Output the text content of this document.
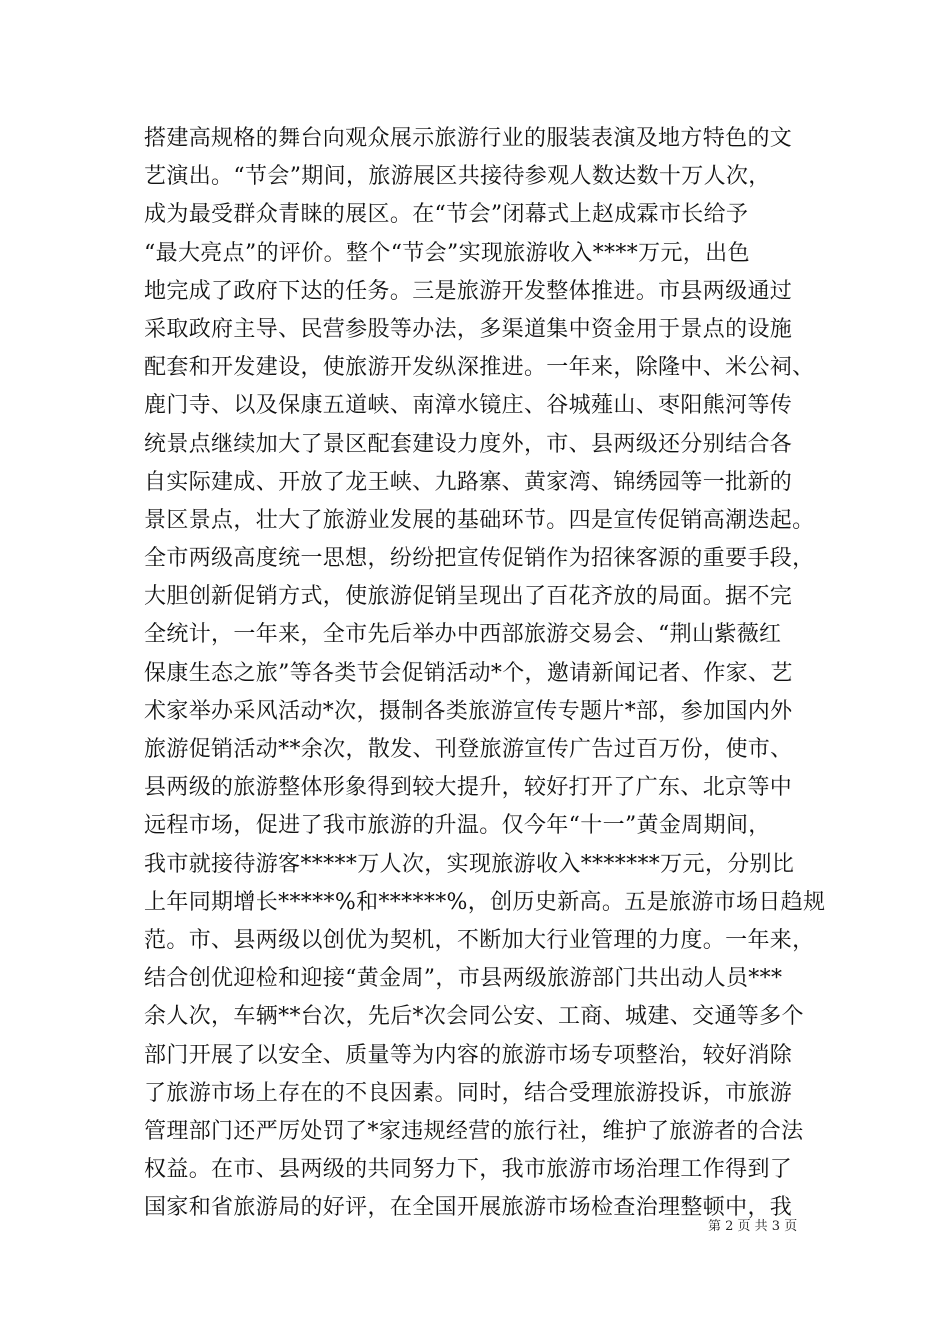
搭建高规格的舞台向观众展示旅游行业的服装表演及地方特色的文
艺演出。“节会”期间，旅游展区共接待参观人数达数十万人次，
成为最受群众青睐的展区。在“节会”闭幕式上赵成霖市长给予
“最大亮点”的评价。整个“节会”实现旅游收入****万元，出色
地完成了政府下达的任务。三是旅游开发整体推进。市县两级通过
采取政府主导、民营参股等办法，多渠道集中资金用于景点的设施
配套和开发建设，使旅游开发纵深推进。一年来，除隆中、米公祠、
鹿门寺、以及保康五道峡、南漳水镜庄、谷城薤山、枣阳熊河等传
统景点继续加大了景区配套建设力度外，市、县两级还分别结合各
自实际建成、开放了龙王峡、九路寨、黄家湾、锦绣园等一批新的
景区景点，壮大了旅游业发展的基础环节。四是宣传促销高潮迭起。
全市两级高度统一思想，纷纷把宣传促销作为招徕客源的重要手段，
大胆创新促销方式，使旅游促销呈现出了百花齐放的局面。据不完
全统计，一年来，全市先后举办中西部旅游交易会、“荆山紫薇红
保康生态之旅”等各类节会促销活动*个，邀请新闻记者、作家、艺
术家举办采风活动*次，摄制各类旅游宣传专题片*部，参加国内外
旅游促销活动**余次，散发、刊登旅游宣传广告过百万份，使市、
县两级的旅游整体形象得到较大提升，较好打开了广东、北京等中
远程市场，促进了我市旅游的升温。仅今年“十一”黄金周期间，
我市就接待游客*****万人次，实现旅游收入*******万元，分别比
上年同期增长*****%和******%，创历史新高。五是旅游市场日趋规
范。市、县两级以创优为契机，不断加大行业管理的力度。一年来，
结合创优迎检和迎接“黄金周”，市县两级旅游部门共出动人员***
余人次，车辆**台次，先后*次会同公安、工商、城建、交通等多个
部门开展了以安全、质量等为内容的旅游市场专项整治，较好消除
了旅游市场上存在的不良因素。同时，结合受理旅游投诉，市旅游
管理部门还严厉处罚了*家违规经营的旅行社，维护了旅游者的合法
权益。在市、县两级的共同努力下，我市旅游市场治理工作得到了
国家和省旅游局的好评，在全国开展旅游市场检查治理整顿中，我
第 2 页 共 3 页
